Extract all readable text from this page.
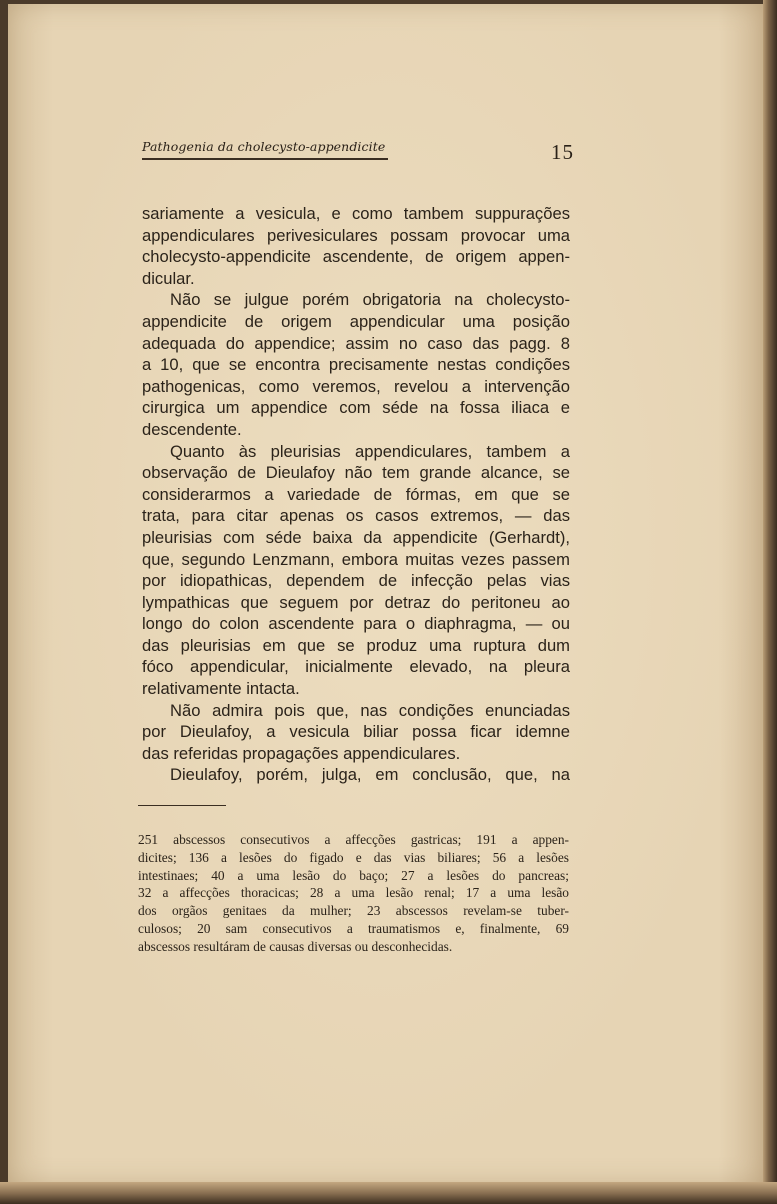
Pathogenia da cholecysto-appendicite	15
sariamente a vesicula, e como tambem suppurações
appendiculares perivesiculares possam provocar uma
cholecysto-appendicite ascendente, de origem appen-
dicular.
Não se julgue porém obrigatoria na cholecysto-
appendicite de origem appendicular uma posição
adequada do appendice; assim no caso das pagg. 8
a 10, que se encontra precisamente nestas condições
pathogenicas, como veremos, revelou a intervenção
cirurgica um appendice com séde na fossa iliaca e
descendente.
Quanto às pleurisias appendiculares, tambem a
observação de Dieulafoy não tem grande alcance, se
considerarmos a variedade de fórmas, em que se
trata, para citar apenas os casos extremos, — das
pleurisias com séde baixa da appendicite (Gerhardt),
que, segundo Lenzmann, embora muitas vezes passem
por idiopathicas, dependem de infecção pelas vias
lympathicas que seguem por detraz do peritoneu ao
longo do colon ascendente para o diaphragma, — ou
das pleurisias em que se produz uma ruptura dum
fóco appendicular, inicialmente elevado, na pleura
relativamente intacta.
Não admira pois que, nas condições enunciadas
por Dieulafoy, a vesicula biliar possa ficar idemne
das referidas propagações appendiculares.
Dieulafoy, porém, julga, em conclusão, que, na
251 abscessos consecutivos a affecções gastricas; 191 a appen-
dicites; 136 a lesões do figado e das vias biliares; 56 a lesões
intestinaes; 40 a uma lesão do baço; 27 a lesões do pancreas;
32 a affecções thoracicas; 28 a uma lesão renal; 17 a uma lesão
dos orgãos genitaes da mulher; 23 abscessos revelam-se tuber-
culosos; 20 sam consecutivos a traumatismos e, finalmente, 69
abscessos resultáram de causas diversas ou desconhecidas.
